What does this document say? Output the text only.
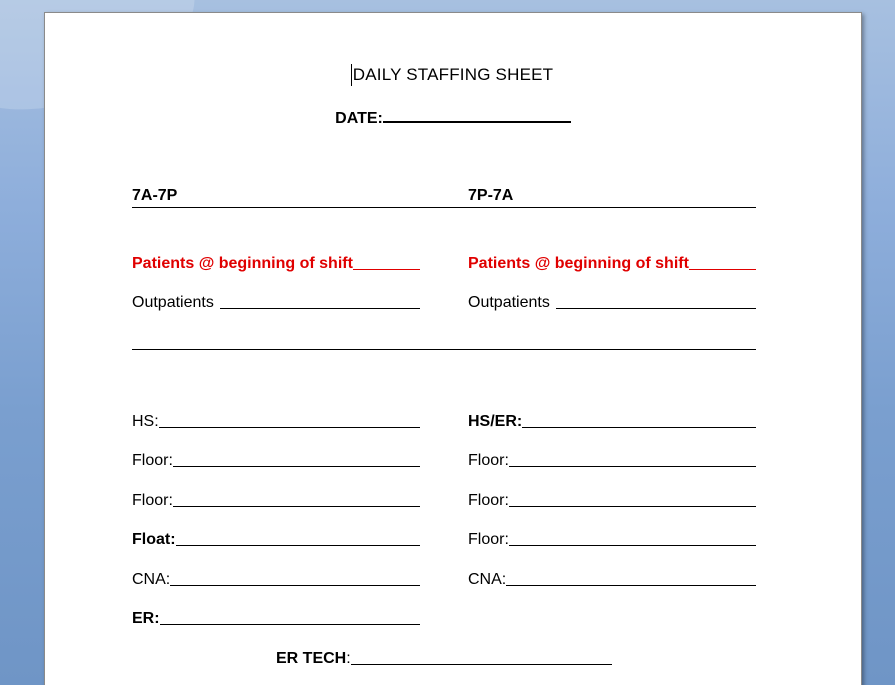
DAILY STAFFING SHEET
DATE:
7A-7P	7P-7A
Patients @ beginning of shift	Patients @ beginning of shift
Outpatients	Outpatients
HS:	HS/ER:
Floor:	Floor:
Floor:	Floor:
Float:	Floor:
CNA:	CNA:
ER:
ER TECH :
